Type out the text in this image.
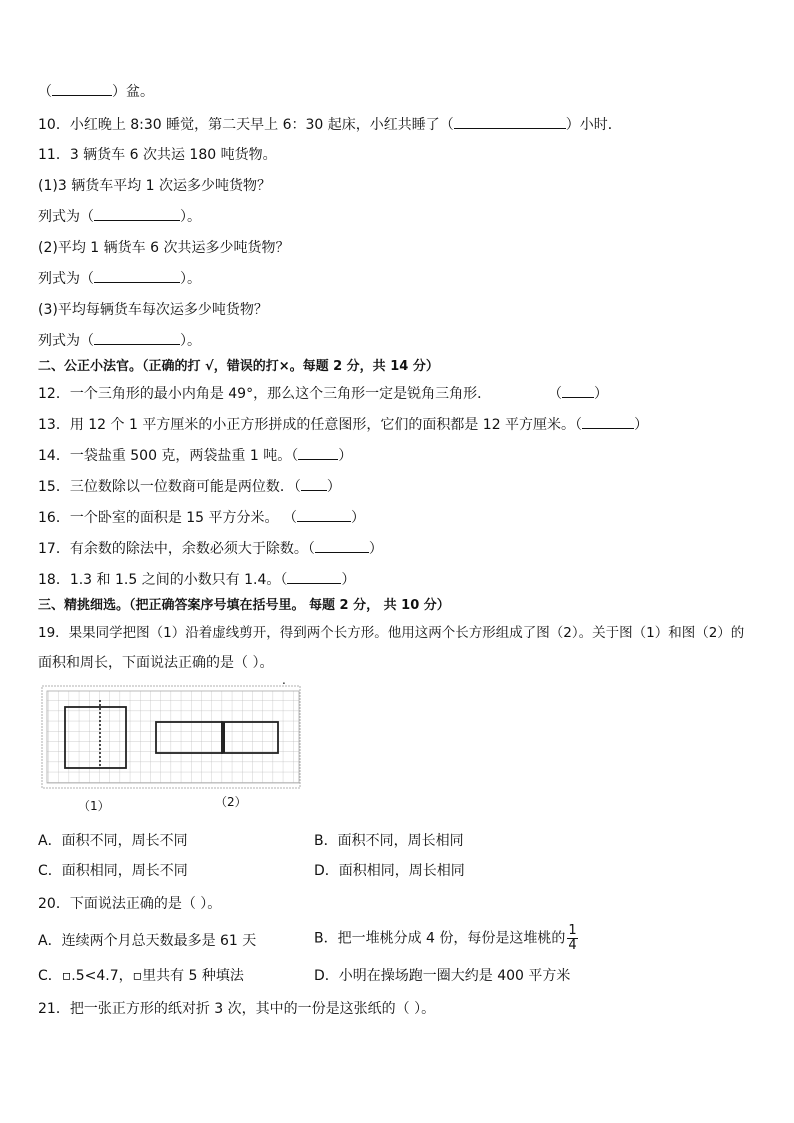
（	）盆。
10．小红晚上 8:30 睡觉，第二天早上 6：30 起床，小红共睡了（	）小时．
11．3 辆货车 6 次共运 180 吨货物。
(1)3 辆货车平均 1 次运多少吨货物？
列式为（	）。
(2)平均 1 辆货车 6 次共运多少吨货物？
列式为（	）。
(3)平均每辆货车每次运多少吨货物？
列式为（	）。
二、公正小法官。（正确的打 √，错误的打×。每题 2 分，共 14 分）
12．一个三角形的最小内角是 49°，那么这个三角形一定是锐角三角形．	（ ）
13．用 12 个 1 平方厘米的小正方形拼成的任意图形，它们的面积都是 12 平方厘米。（	）
14．一袋盐重 500 克，两袋盐重 1 吨。（	）
15．三位数除以一位数商可能是两位数．（ ）
16．一个卧室的面积是 15 平方分米。 （	）
17．有余数的除法中，余数必须大于除数。（	）
18．1.3 和 1.5 之间的小数只有 1.4。（	）
三、精挑细选。（把正确答案序号填在括号里。 每题 2 分， 共 10 分）
19．果果同学把图（1）沿着虚线剪开，得到两个长方形。他用这两个长方形组成了图（2）。关于图（1）和图（2）的
面积和周长，下面说法正确的是（ ）。
.
（1）	（2）
A．面积不同，周长不同	B．面积不同，周长相同
C．面积相同，周长不同	D．面积相同，周长相同
20．下面说法正确的是（ ）。
A．连续两个月总天数最多是 61 天	B．把一堆桃分成 4 份，每份是这堆桃的 $\frac{1}{4}$
C．▫.5<4.7，▫里共有 5 种填法	D．小明在操场跑一圈大约是 400 平方米
21．把一张正方形的纸对折 3 次，其中的一份是这张纸的（ ）。
